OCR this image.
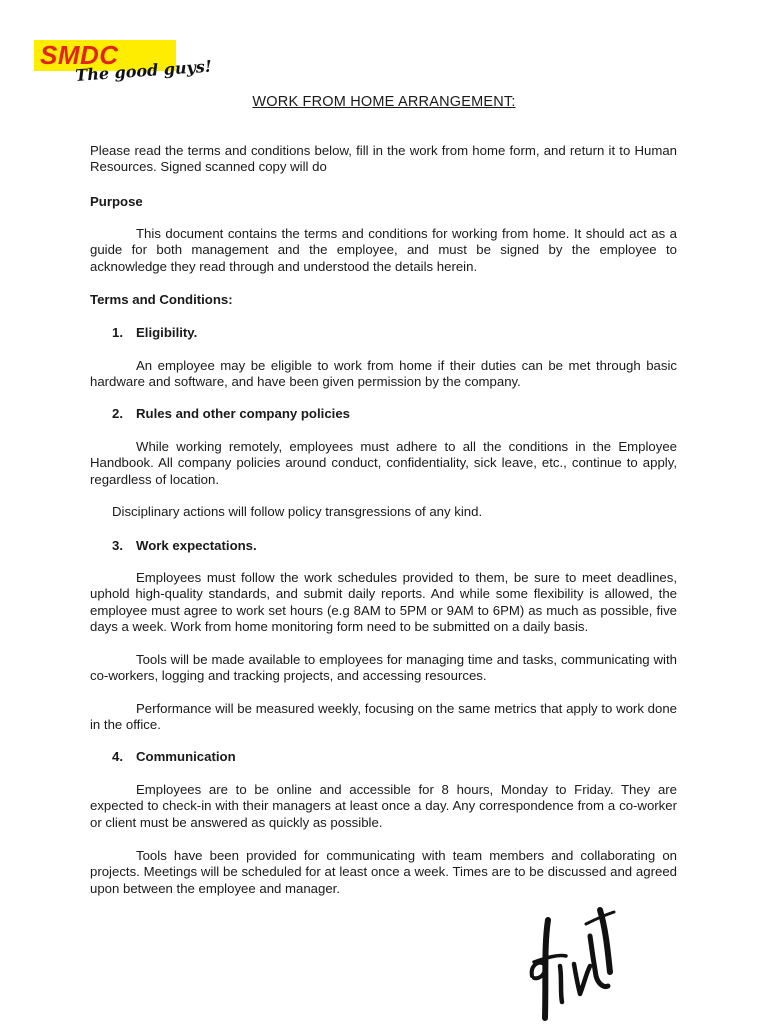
SMDC
The good guys!
WORK FROM HOME ARRANGEMENT:

Please read the terms and conditions below, fill in the work from home form, and return it to Human Resources. Signed scanned copy will do

Purpose

This document contains the terms and conditions for working from home. It should act as a guide for both management and the employee, and must be signed by the employee to acknowledge they read through and understood the details herein.

Terms and Conditions:

1. Eligibility.

An employee may be eligible to work from home if their duties can be met through basic hardware and software, and have been given permission by the company.

2. Rules and other company policies

While working remotely, employees must adhere to all the conditions in the Employee Handbook. All company policies around conduct, confidentiality, sick leave, etc., continue to apply, regardless of location.

Disciplinary actions will follow policy transgressions of any kind.

3. Work expectations.

Employees must follow the work schedules provided to them, be sure to meet deadlines, uphold high-quality standards, and submit daily reports. And while some flexibility is allowed, the employee must agree to work set hours (e.g 8AM to 5PM or 9AM to 6PM) as much as possible, five days a week. Work from home monitoring form need to be submitted on a daily basis.

Tools will be made available to employees for managing time and tasks, communicating with co-workers, logging and tracking projects, and accessing resources.

Performance will be measured weekly, focusing on the same metrics that apply to work done in the office.

4. Communication

Employees are to be online and accessible for 8 hours, Monday to Friday. They are expected to check-in with their managers at least once a day. Any correspondence from a co-worker or client must be answered as quickly as possible.

Tools have been provided for communicating with team members and collaborating on projects. Meetings will be scheduled for at least once a week. Times are to be discussed and agreed upon between the employee and manager.
